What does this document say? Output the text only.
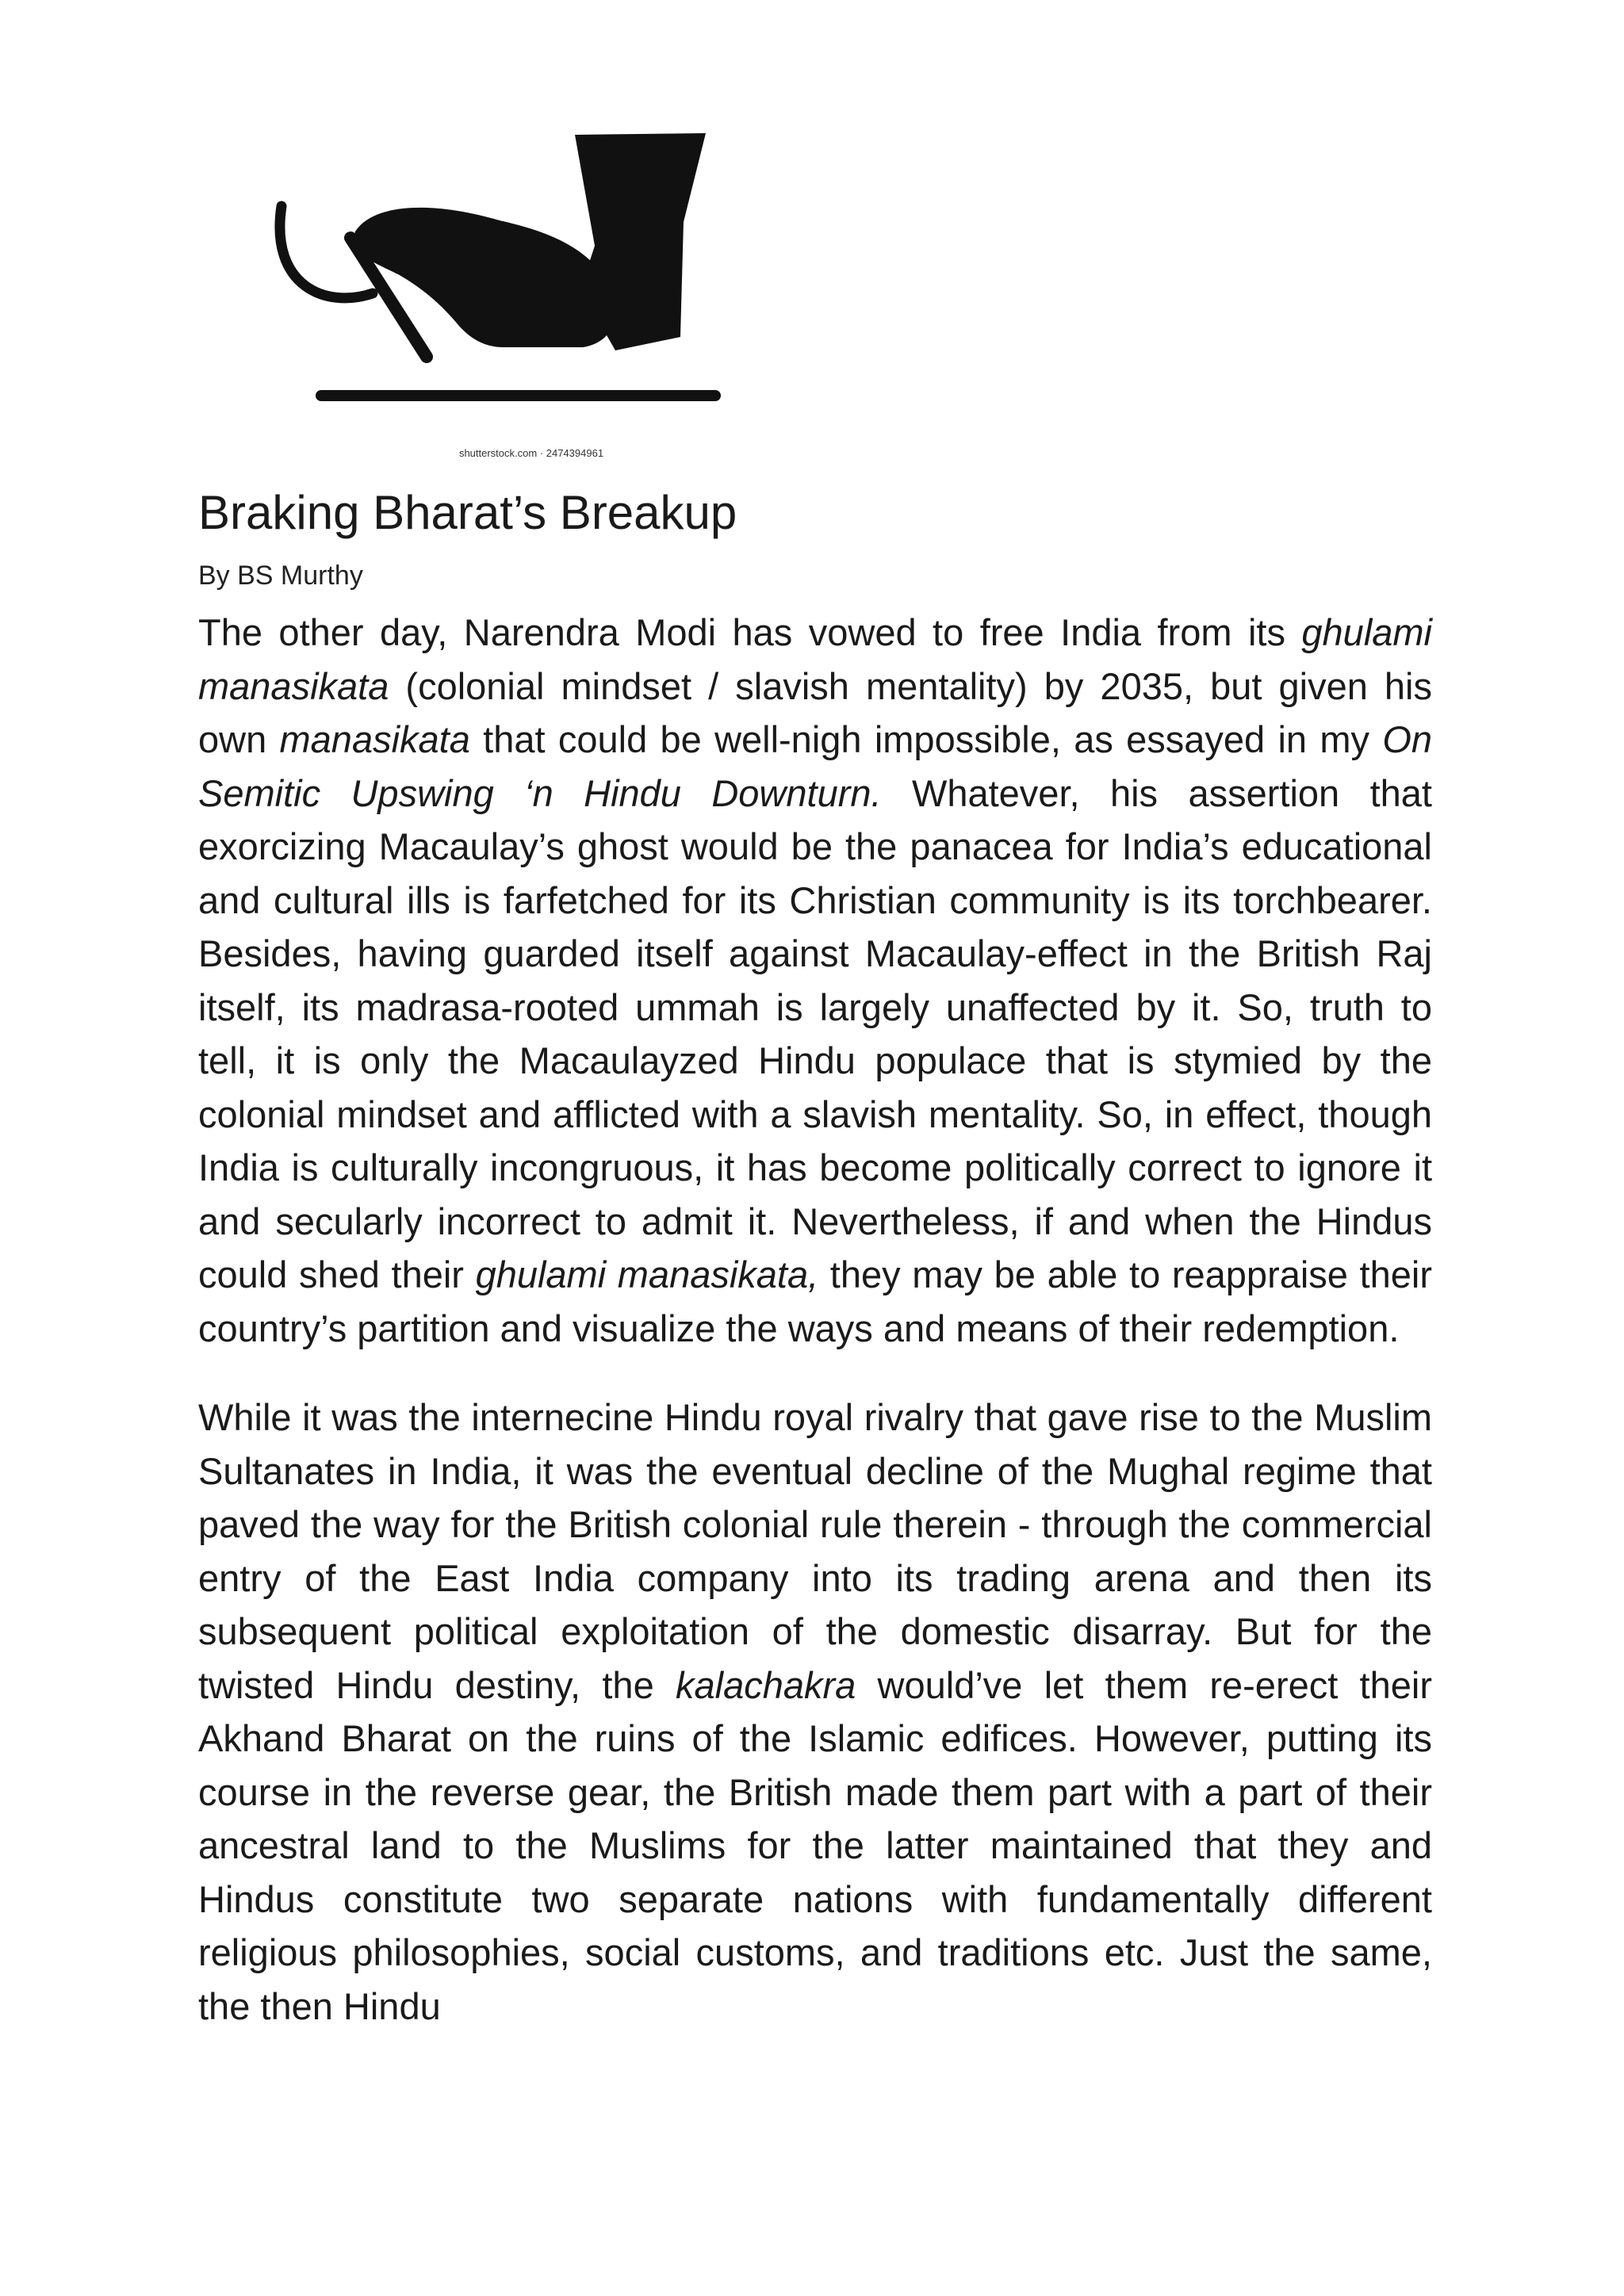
shutterstock.com · 2474394961
Braking Bharat’s Breakup
By BS Murthy

The other day, Narendra Modi has vowed to free India from its ghulami manasikata (colonial mindset / slavish mentality) by 2035, but given his own manasikata that could be well-nigh impossible, as essayed in my On Semitic Upswing ‘n Hindu Downturn. Whatever, his assertion that exorcizing Macaulay’s ghost would be the panacea for India’s educational and cultural ills is farfetched for its Christian community is its torchbearer. Besides, having guarded itself against Macaulay-effect in the British Raj itself, its madrasa-rooted ummah is largely unaffected by it. So, truth to tell, it is only the Macaulayzed Hindu populace that is stymied by the colonial mindset and afflicted with a slavish mentality. So, in effect, though India is culturally incongruous, it has become politically correct to ignore it and secularly incorrect to admit it. Nevertheless, if and when the Hindus could shed their ghulami manasikata, they may be able to reappraise their country’s partition and visualize the ways and means of their redemption.

While it was the internecine Hindu royal rivalry that gave rise to the Muslim Sultanates in India, it was the eventual decline of the Mughal regime that paved the way for the British colonial rule therein - through the commercial entry of the East India company into its trading arena and then its subsequent political exploitation of the domestic disarray. But for the twisted Hindu destiny, the kalachakra would’ve let them re-erect their Akhand Bharat on the ruins of the Islamic edifices. However, putting its course in the reverse gear, the British made them part with a part of their ancestral land to the Muslims for the latter maintained that they and Hindus constitute two separate nations with fundamentally different religious philosophies, social customs, and traditions etc. Just the same, the then Hindu
